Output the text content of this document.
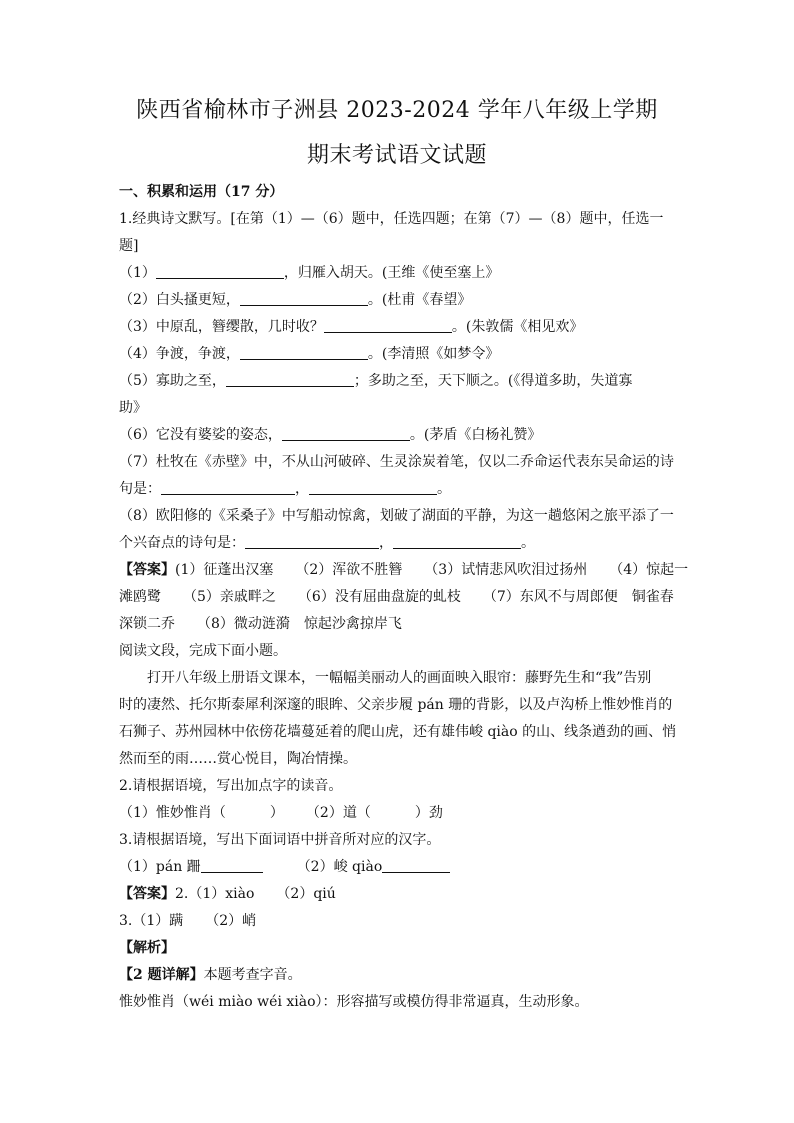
陕西省榆林市子洲县 2023-2024 学年八年级上学期
期末考试语文试题
一、积累和运用（17 分）
1.经典诗文默写。[在第（1）—（6）题中，任选四题；在第（7）—（8）题中，任选一
题]
（1）	，归雁入胡天。(王维《使至塞上》
（2）白头搔更短，	。(杜甫《春望》
（3）中原乱，簪缨散，几时收？	。(朱敦儒《相见欢》
（4）争渡，争渡，	。(李清照《如梦令》
（5）寡助之至，	；多助之至，天下顺之。(《得道多助，失道寡
助》
（6）它没有婆娑的姿态，	。(茅盾《白杨礼赞》
（7）杜牧在《赤壁》中，不从山河破碎、生灵涂炭着笔，仅以二乔命运代表东吴命运的诗
句是：	，	。
（8）欧阳修的《采桑子》中写船动惊禽，划破了湖面的平静，为这一趟悠闲之旅平添了一
个兴奋点的诗句是：	，	。
【答案】(1）征蓬出汉塞 （2）浑欲不胜簪 （3）试情悲风吹泪过扬州 （4）惊起一
滩鸥鹭 （5）亲戚畔之 （6）没有屈曲盘旋的虬枝 （7）东风不与周郎便　铜雀春
深锁二乔 （8）微动涟漪　惊起沙禽掠岸飞
阅读文段，完成下面小题。
打开八年级上册语文课本，一幅幅美丽动人的画面映入眼帘：藤野先生和“我”告别
时的凄然、托尔斯泰犀利深邃的眼眸、父亲步履 pán 珊的背影，以及卢沟桥上惟妙惟肖的
石狮子、苏州园林中依傍花墙蔓延着的爬山虎，还有雄伟峻 qiào 的山、线条遒劲的画、悄
然而至的雨……赏心悦目，陶冶情操。
2.请根据语境，写出加点字的读音。
（1）惟妙惟肖（	） （2）道（	）劲
3.请根据语境，写出下面词语中拼音所对应的汉字。
（1）pán 跚	（2）峻 qiào
【答案】2.（1）xiào （2）qiú
3.（1）蹒 （2）峭
【解析】
【2 题详解】本题考查字音。
惟妙惟肖（wéi miào wéi xiào）：形容描写或模仿得非常逼真，生动形象。
